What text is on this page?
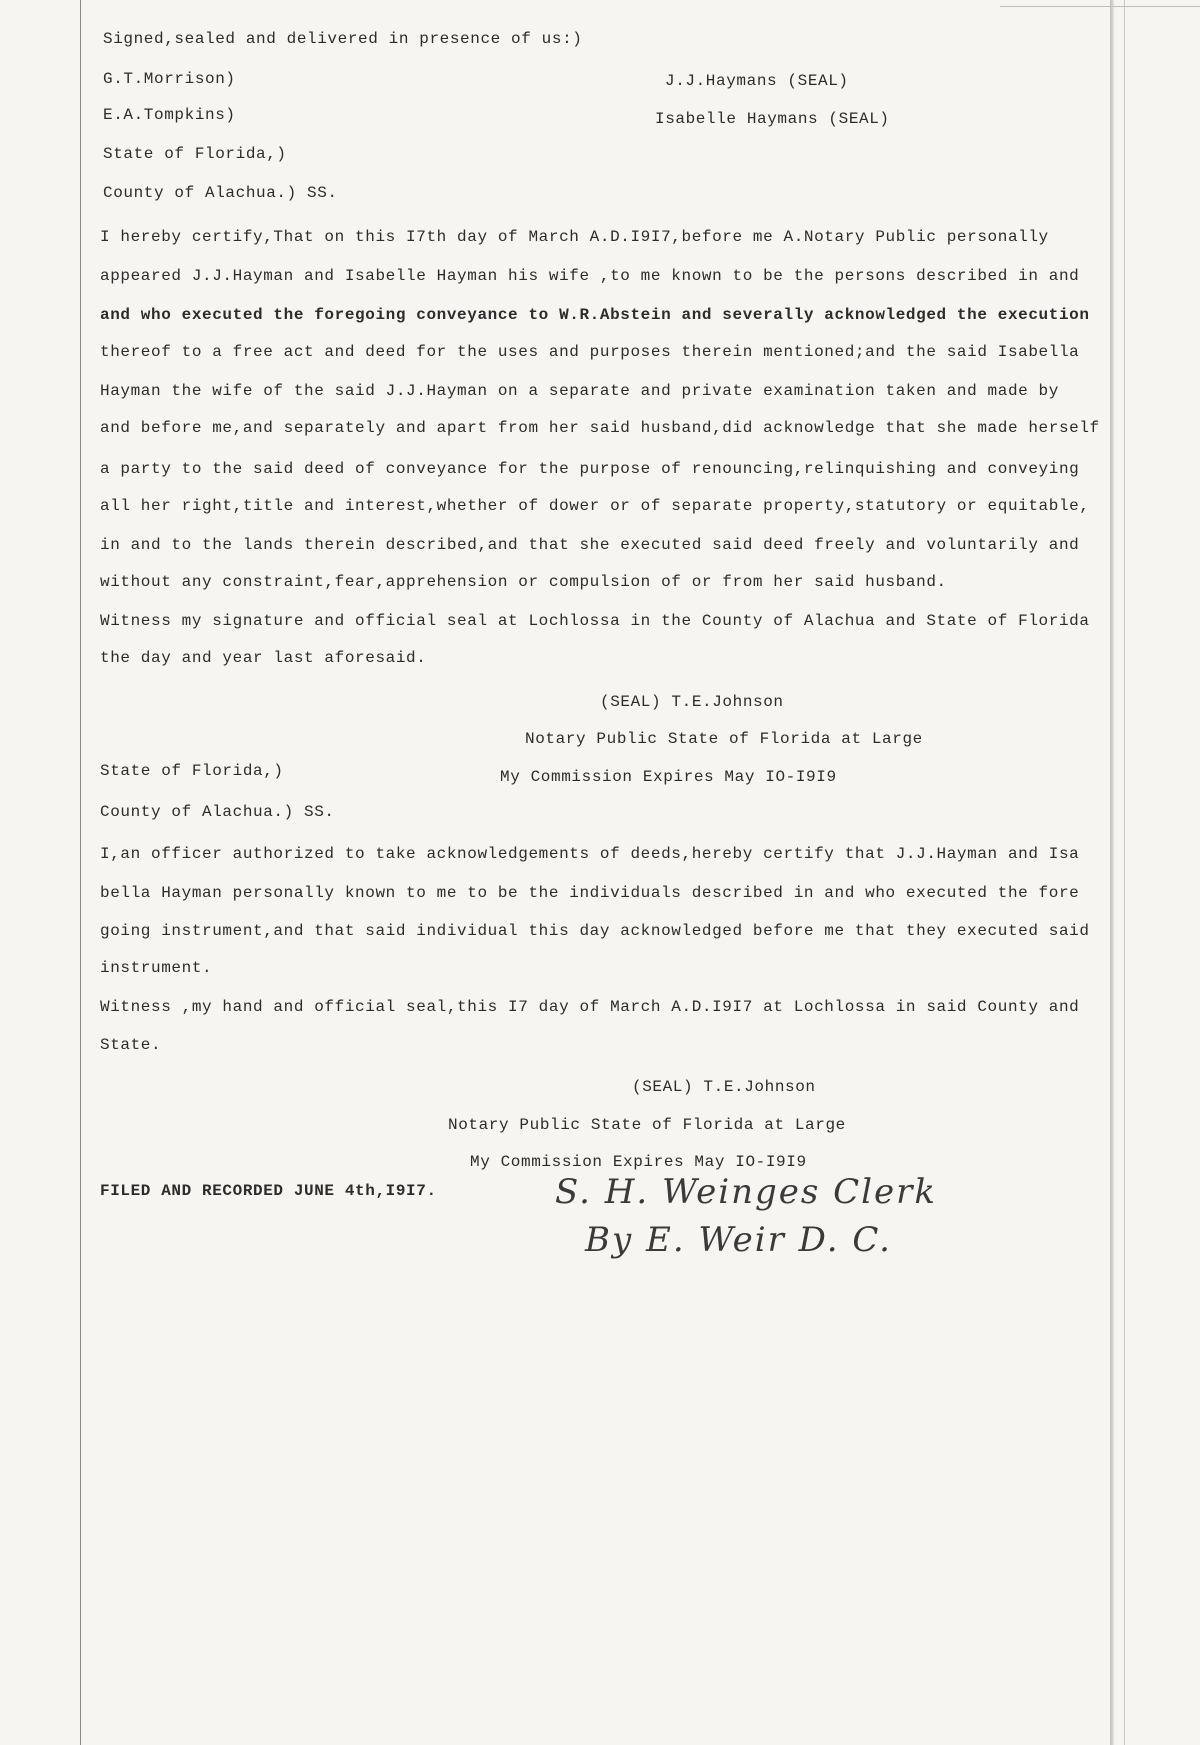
Signed,sealed and delivered in presence of us:)
G.T.Morrison)	J.J.Haymans (SEAL)
E.A.Tompkins)	Isabelle Haymans (SEAL)
State of Florida,)
County of Alachua.) SS.
I hereby certify,That on this I7th day of March A.D.I9I7,before me A.Notary Public personally
appeared J.J.Hayman and Isabelle Hayman his wife ,to me known to be the persons described in and
and who executed the foregoing conveyance to W.R.Abstein and severally acknowledged the execution
thereof to a free act and deed for the uses and purposes therein mentioned;and the said Isabella
Hayman the wife of the said J.J.Hayman on a separate and private examination taken and made by
and before me,and separately and apart from her said husband,did acknowledge that she made herself
a party to the said deed of conveyance for the purpose of renouncing,relinquishing and conveying
all her right,title and interest,whether of dower or of separate property,statutory or equitable,
in and to the lands therein described,and that she executed said deed freely and voluntarily and
without any constraint,fear,apprehension or compulsion of or from her said husband.
Witness my signature and official seal at Lochlossa in the County of Alachua and State of Florida
the day and year last aforesaid.
(SEAL) T.E.Johnson
Notary Public State of Florida at Large
State of Florida,)	My Commission Expires May IO-I9I9
County of Alachua.) SS.
I,an officer authorized to take acknowledgements of deeds,hereby certify that J.J.Hayman and Isa
bella Hayman personally known to me to be the individuals described in and who executed the fore
going instrument,and that said individual this day acknowledged before me that they executed said
instrument.
Witness ,my hand and official seal,this I7 day of March A.D.I9I7 at Lochlossa in said County and
State.
(SEAL) T.E.Johnson
Notary Public State of Florida at Large
My Commission Expires May IO-I9I9
FILED AND RECORDED JUNE 4th,I9I7.	S. H. Weinges Clerk
By E. Weir D. C.
